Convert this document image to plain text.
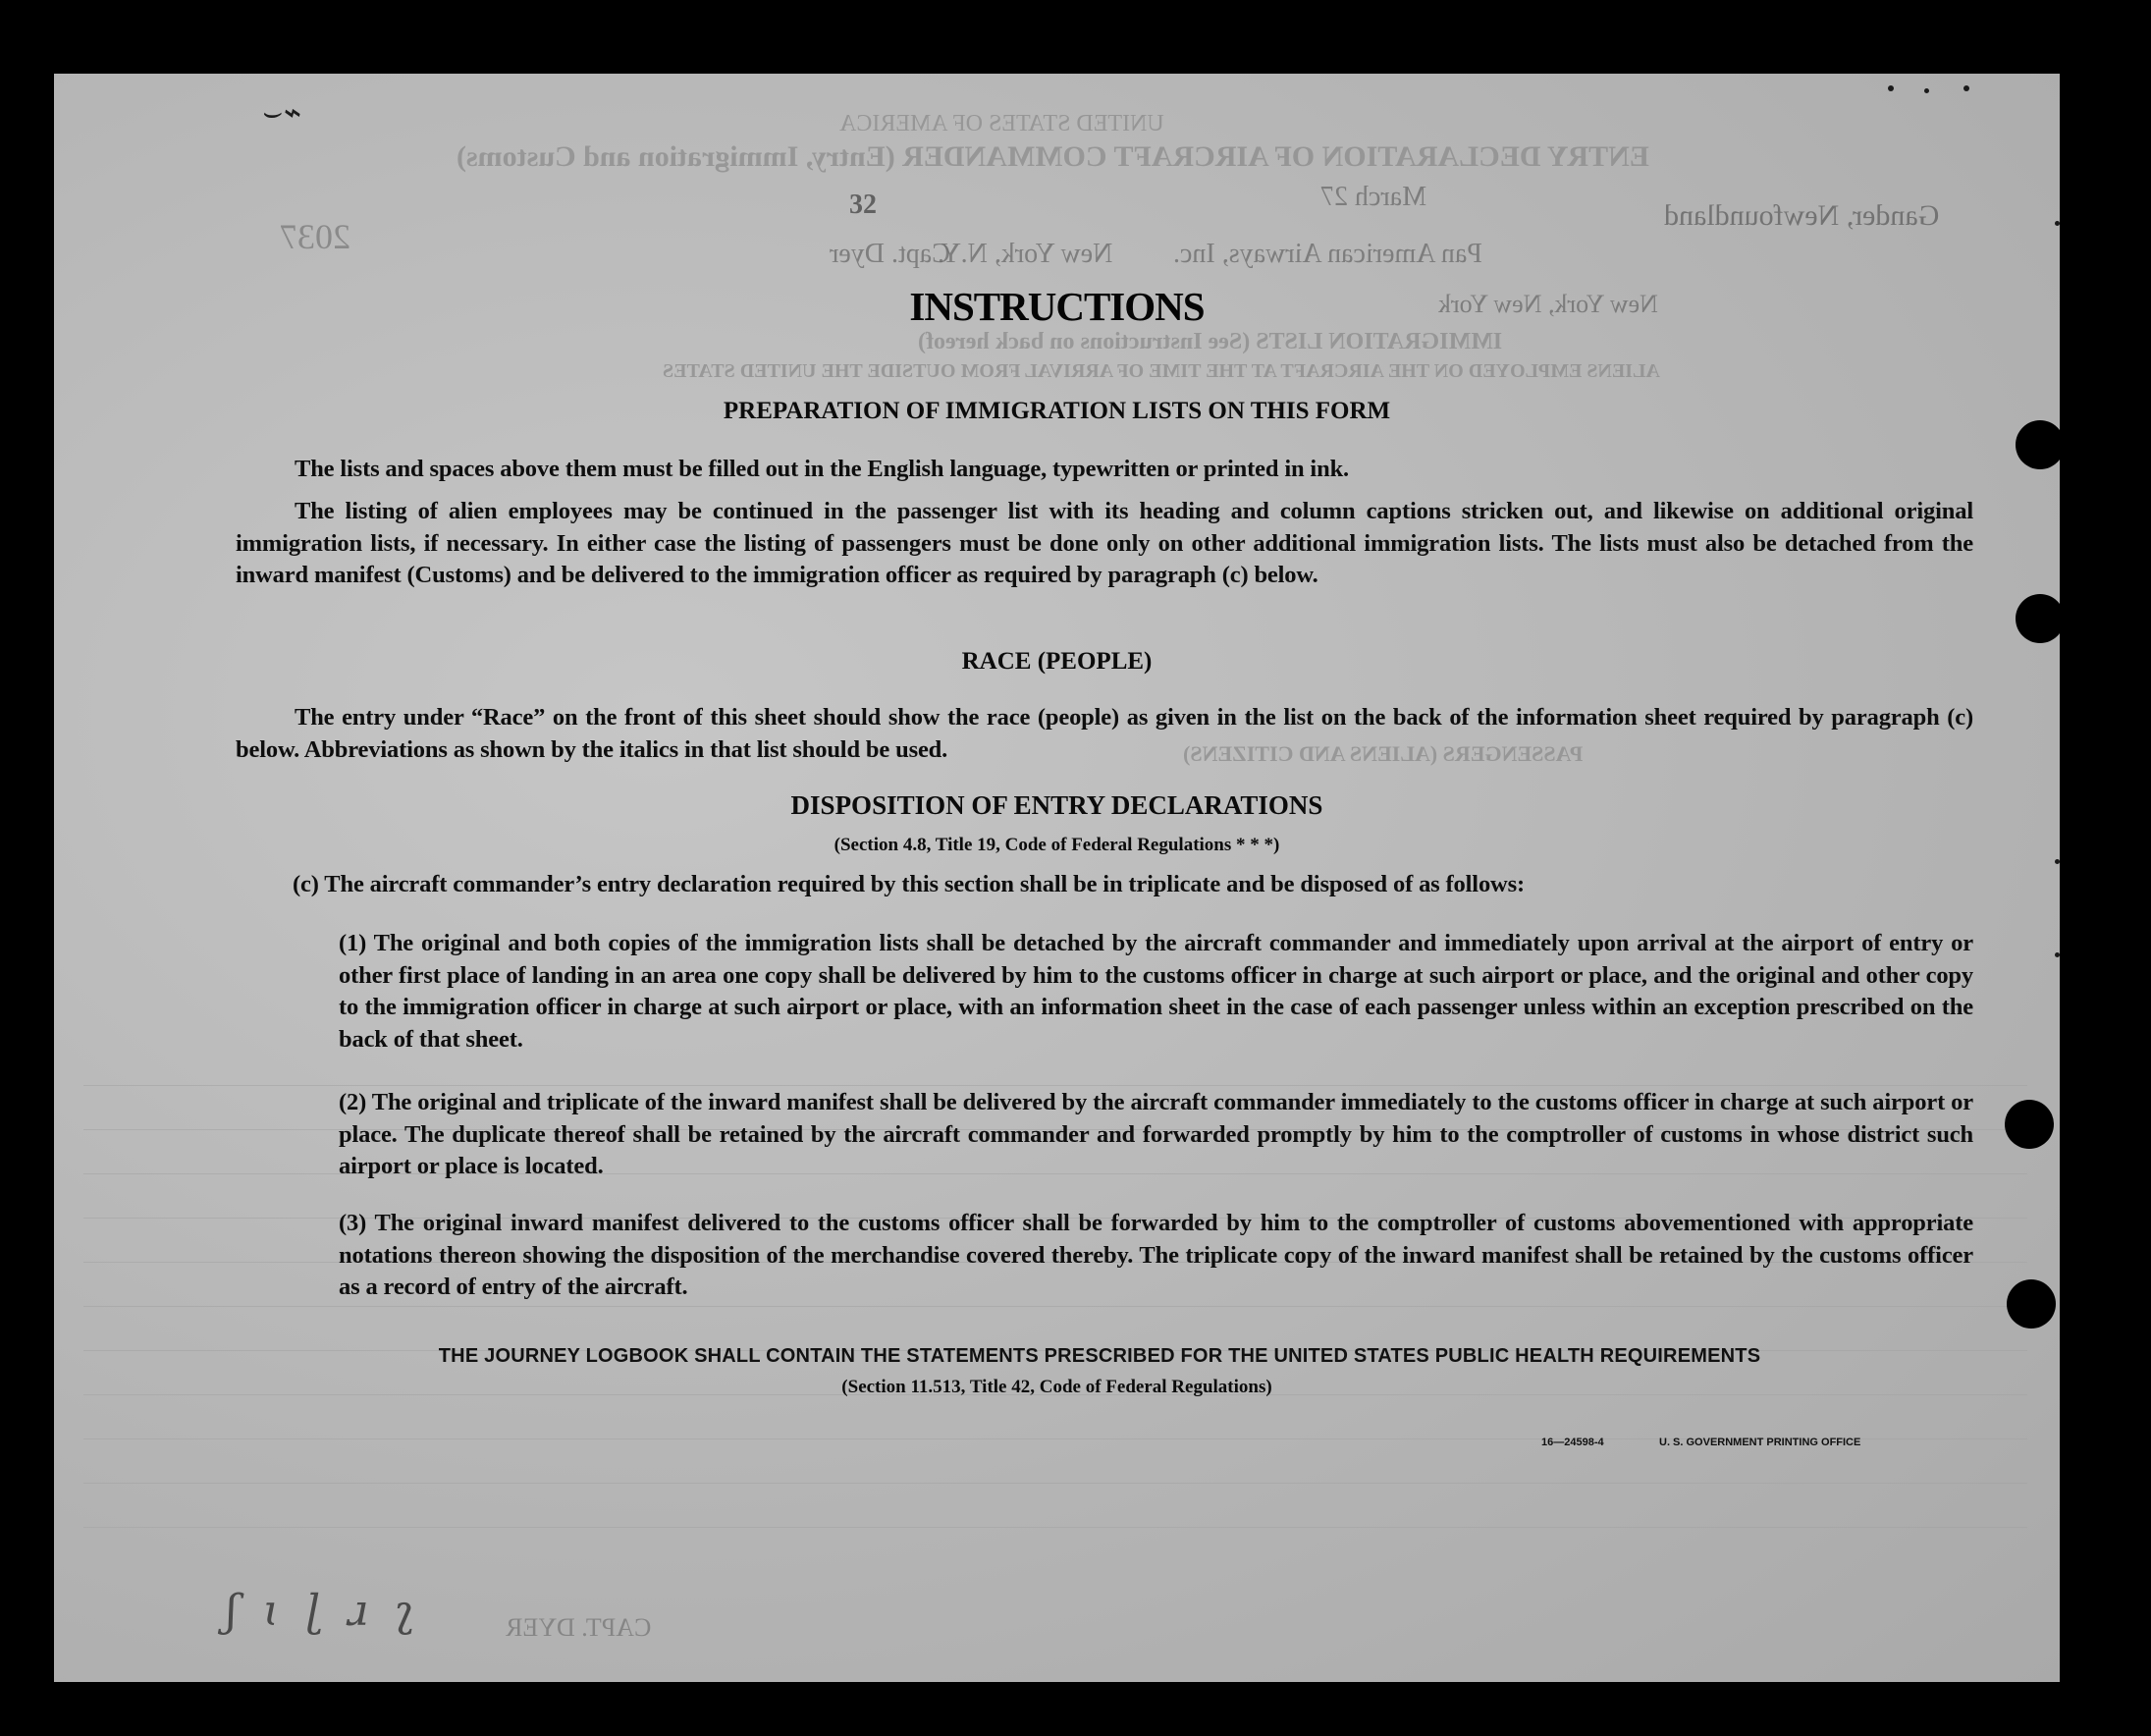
UNITED STATES OF AMERICA
ENTRY DECLARATION OF AIRCRAFT COMMANDER (Entry, Immigration and Customs)
March 27
Gander, Newfoundland
Pan American Airways, Inc.
New York, N.Y.
Capt. Dyer
New York, New York
IMMIGRATION LISTS (See Instructions on back hereof)
ALIENS EMPLOYED ON THE AIRCRAFT AT THE TIME OF ARRIVAL FROM OUTSIDE THE UNITED STATES
PASSENGERS (ALIENS AND CITIZENS)
CAPT. DYER
2037
32
⌣⌁
ʃ ɩ ɭ ɹ ʅ
INSTRUCTIONS
PREPARATION OF IMMIGRATION LISTS ON THIS FORM
The lists and spaces above them must be filled out in the English language, typewritten or printed in ink.
The listing of alien employees may be continued in the passenger list with its heading and column captions stricken out, and likewise on additional original immigration lists, if necessary. In either case the listing of passengers must be done only on other additional immigration lists. The lists must also be detached from the inward manifest (Customs) and be delivered to the immigration officer as required by paragraph (c) below.
RACE (PEOPLE)
The entry under “Race” on the front of this sheet should show the race (people) as given in the list on the back of the information sheet required by paragraph (c) below. Abbreviations as shown by the italics in that list should be used.
DISPOSITION OF ENTRY DECLARATIONS
(Section 4.8, Title 19, Code of Federal Regulations * * *)
(c) The aircraft commander’s entry declaration required by this section shall be in triplicate and be disposed of as follows:
(1) The original and both copies of the immigration lists shall be detached by the aircraft commander and immediately upon arrival at the airport of entry or other first place of landing in an area one copy shall be delivered by him to the customs officer in charge at such airport or place, and the original and other copy to the immigration officer in charge at such airport or place, with an information sheet in the case of each passenger unless within an exception prescribed on the back of that sheet.
(2) The original and triplicate of the inward manifest shall be delivered by the aircraft commander immediately to the customs officer in charge at such airport or place. The duplicate thereof shall be retained by the aircraft commander and forwarded promptly by him to the comptroller of customs in whose district such airport or place is located.
(3) The original inward manifest delivered to the customs officer shall be forwarded by him to the comptroller of customs abovementioned with appropriate notations thereon showing the disposition of the merchandise covered thereby. The triplicate copy of the inward manifest shall be retained by the customs officer as a record of entry of the aircraft.
THE JOURNEY LOGBOOK SHALL CONTAIN THE STATEMENTS PRESCRIBED FOR THE UNITED STATES PUBLIC HEALTH REQUIREMENTS
(Section 11.513, Title 42, Code of Federal Regulations)
16—24598-4	U. S. GOVERNMENT PRINTING OFFICE
